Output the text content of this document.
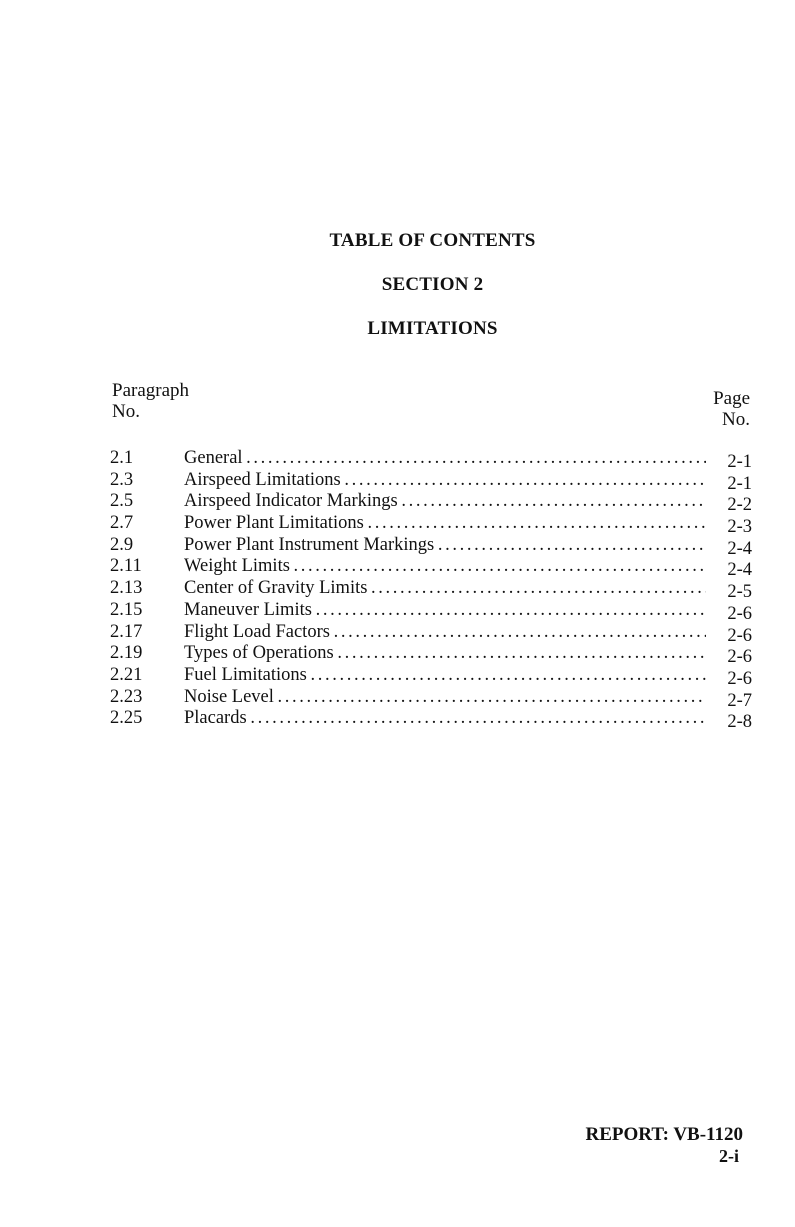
TABLE OF CONTENTS
SECTION 2
LIMITATIONS
Paragraph
No.
Page
No.
2.1	General . . .	2-1
2.3	Airspeed Limitations . . .	2-1
2.5	Airspeed Indicator Markings . . .	2-2
2.7	Power Plant Limitations . . .	2-3
2.9	Power Plant Instrument Markings . . .	2-4
2.11 Weight Limits . . .	2-4
2.13 Center of Gravity Limits . . .	2-5
2.15 Maneuver Limits . . .	2-6
2.17 Flight Load Factors . . .	2-6
2.19 Types of Operations . . .	2-6
2.21 Fuel Limitations . . .	2-6
2.23 Noise Level . . .	2-7
2.25 Placards . . .	2-8
REPORT: VB-1120
2-i
